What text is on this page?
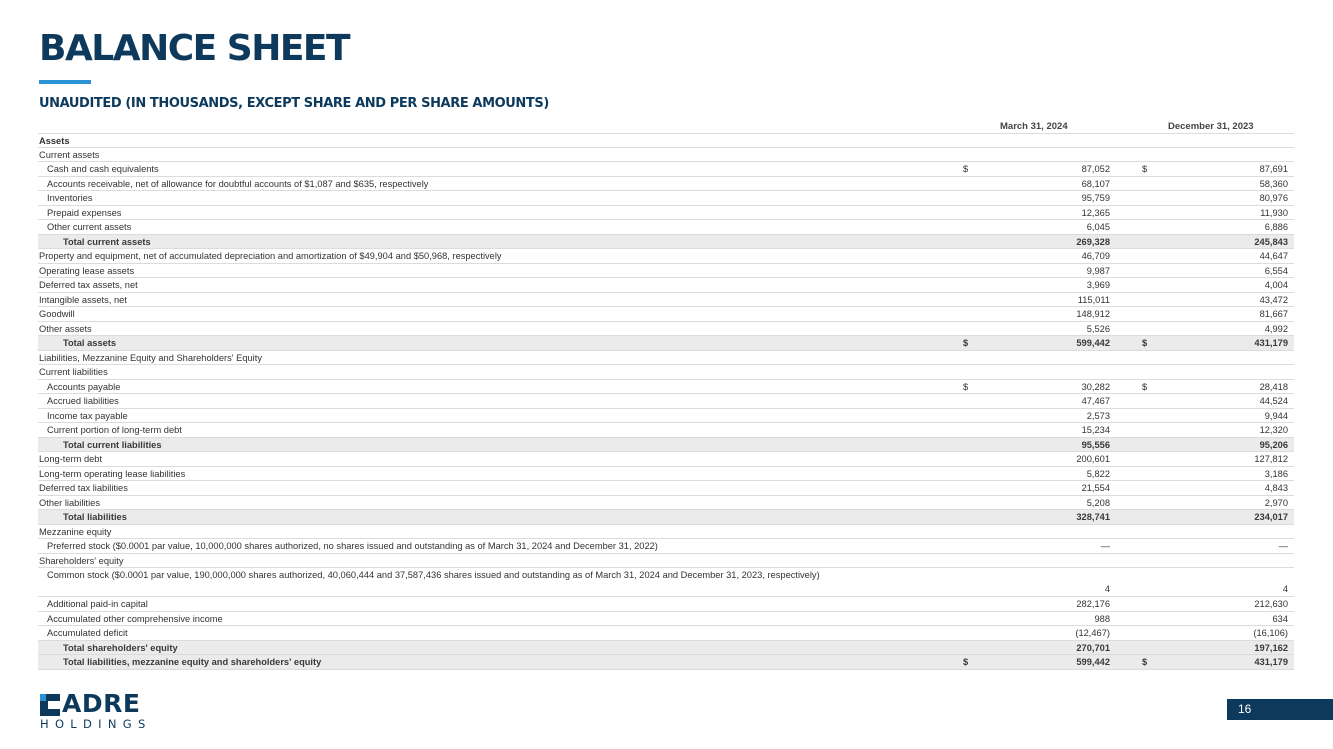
BALANCE SHEET
UNAUDITED (IN THOUSANDS, EXCEPT SHARE AND PER SHARE AMOUNTS)
March 31, 2024	December 31, 2023
Assets
Current assets
Cash and cash equivalents	$	87,052	$	87,691
Accounts receivable, net of allowance for doubtful accounts of $1,087 and $635, respectively	68,107	58,360
Inventories	95,759	80,976
Prepaid expenses	12,365	11,930
Other current assets	6,045	6,886
Total current assets	269,328	245,843
Property and equipment, net of accumulated depreciation and amortization of $49,904 and $50,968, respectively	46,709	44,647
Operating lease assets	9,987	6,554
Deferred tax assets, net	3,969	4,004
Intangible assets, net	115,011	43,472
Goodwill	148,912	81,667
Other assets	5,526	4,992
Total assets	$	599,442	$	431,179
Liabilities, Mezzanine Equity and Shareholders' Equity
Current liabilities
Accounts payable	$	30,282	$	28,418
Accrued liabilities	47,467	44,524
Income tax payable	2,573	9,944
Current portion of long-term debt	15,234	12,320
Total current liabilities	95,556	95,206
Long-term debt	200,601	127,812
Long-term operating lease liabilities	5,822	3,186
Deferred tax liabilities	21,554	4,843
Other liabilities	5,208	2,970
Total liabilities	328,741	234,017
Mezzanine equity
Preferred stock ($0.0001 par value, 10,000,000 shares authorized, no shares issued and outstanding as of March 31, 2024 and December 31, 2022)	—	—
Shareholders' equity
Common stock ($0.0001 par value, 190,000,000 shares authorized, 40,060,444 and 37,587,436 shares issued and outstanding as of March 31, 2024 and December 31, 2023, respectively)
4	4
Additional paid-in capital	282,176	212,630
Accumulated other comprehensive income	988	634
Accumulated deficit	(12,467)	(16,106)
Total shareholders' equity	270,701	197,162
Total liabilities, mezzanine equity and shareholders' equity	$	599,442	$	431,179
ADRE
HOLDINGS
16
